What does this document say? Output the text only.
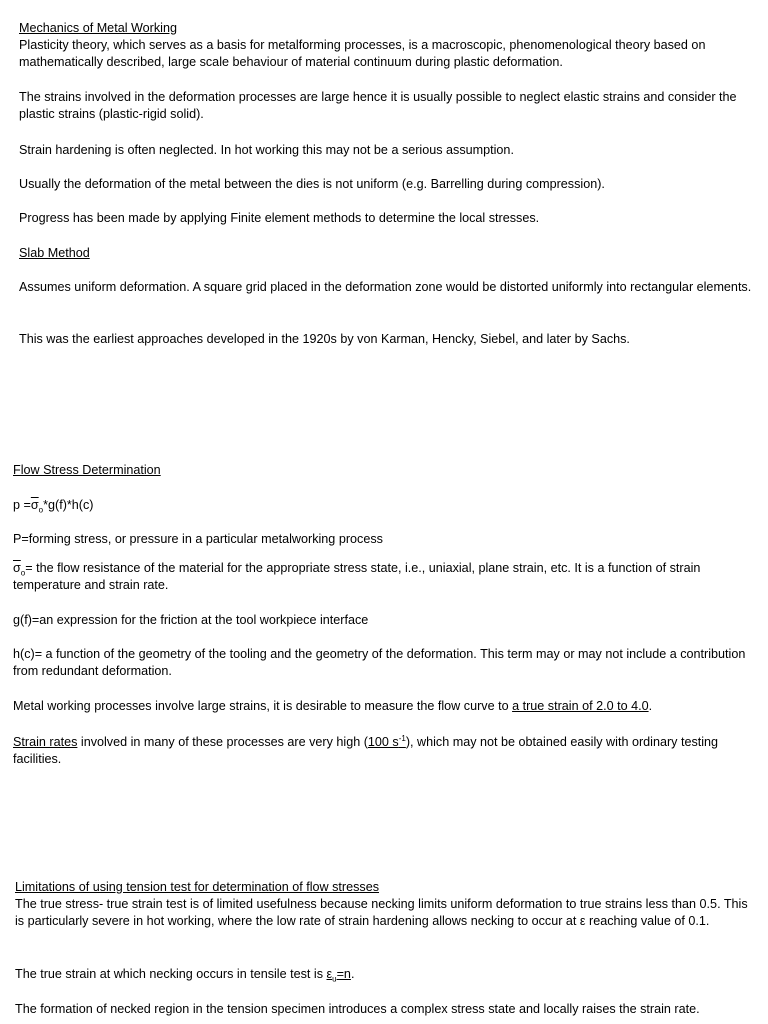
Mechanics of Metal Working

Plasticity theory, which serves as a basis for metalforming processes, is a macroscopic, phenomenological theory based on mathematically described, large scale behaviour of material continuum during plastic deformation.

The strains involved in the deformation processes are large hence it is usually possible to neglect elastic strains and consider the plastic strains (plastic-rigid solid).

Strain hardening is often neglected. In hot working this may not be a serious assumption.

Usually the deformation of the metal between the dies is not uniform (e.g. Barrelling during compression).

Progress has been made by applying Finite element methods to determine the local stresses.

Slab Method

Assumes uniform deformation. A square grid placed in the deformation zone would be distorted uniformly into rectangular elements.

This was the earliest approaches developed in the 1920s by von Karman, Hencky, Siebel, and later by Sachs.

Flow Stress Determination

$p =\overline{\sigma}_o*g(f)*h(c)$

P=forming stress, or pressure in a particular metalworking process

$\overline{\sigma}_o=$ the flow resistance of the material for the appropriate stress state, i.e., uniaxial, plane strain, etc. It is a function of strain temperature and strain rate.

g(f)=an expression for the friction at the tool workpiece interface

h(c)= a function of the geometry of the tooling and the geometry of the deformation. This term may or may not include a contribution from redundant deformation.

Metal working processes involve large strains, it is desirable to measure the flow curve to a true strain of 2.0 to 4.0.

Strain rates involved in many of these processes are very high (100 $s^{-1}$), which may not be obtained easily with ordinary testing facilities.

Limitations of using tension test for determination of flow stresses

The true stress- true strain test is of limited usefulness because necking limits uniform deformation to true strains less than 0.5. This is particularly severe in hot working, where the low rate of strain hardening allows necking to occur at ε reaching value of 0.1.

The true strain at which necking occurs in tensile test is $\varepsilon_u=n$.

The formation of necked region in the tension specimen introduces a complex stress state and locally raises the strain rate.
